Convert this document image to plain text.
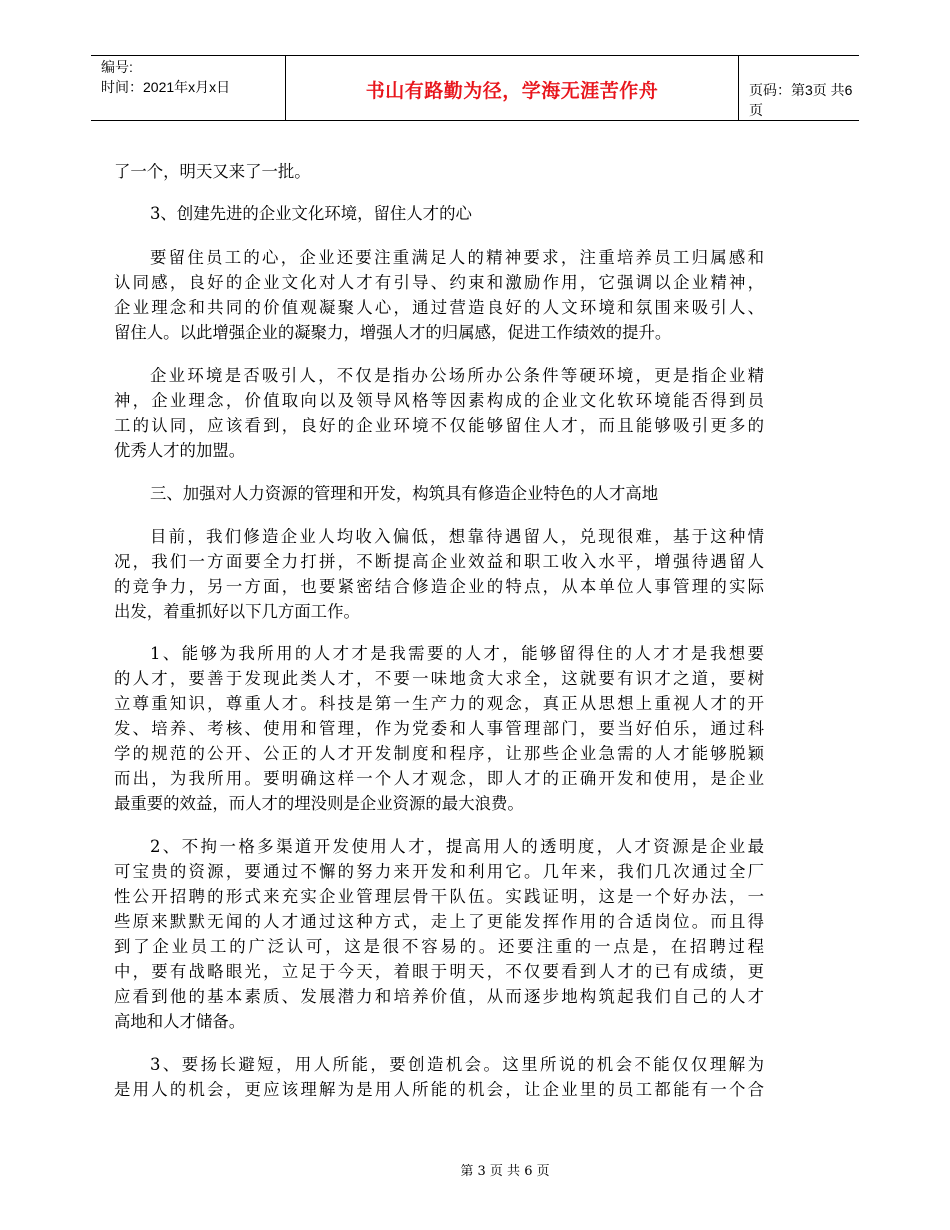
编号:
时间：2021年x月x日	书山有路勤为径，学海无涯苦作舟	页码：第3页 共6页
了一个，明天又来了一批。
3、创建先进的企业文化环境，留住人才的心
要留住员工的心，企业还要注重满足人的精神要求，注重培养员工归属感和
认同感，良好的企业文化对人才有引导、约束和激励作用，它强调以企业精神，
企业理念和共同的价值观凝聚人心，通过营造良好的人文环境和氛围来吸引人、
留住人。以此增强企业的凝聚力，增强人才的归属感，促进工作绩效的提升。
企业环境是否吸引人，不仅是指办公场所办公条件等硬环境，更是指企业精
神，企业理念，价值取向以及领导风格等因素构成的企业文化软环境能否得到员
工的认同，应该看到，良好的企业环境不仅能够留住人才，而且能够吸引更多的
优秀人才的加盟。
三、加强对人力资源的管理和开发，构筑具有修造企业特色的人才高地
目前，我们修造企业人均收入偏低，想靠待遇留人，兑现很难，基于这种情
况，我们一方面要全力打拼，不断提高企业效益和职工收入水平，增强待遇留人
的竞争力，另一方面，也要紧密结合修造企业的特点，从本单位人事管理的实际
出发，着重抓好以下几方面工作。
1、能够为我所用的人才才是我需要的人才，能够留得住的人才才是我想要
的人才，要善于发现此类人才，不要一味地贪大求全，这就要有识才之道，要树
立尊重知识，尊重人才。科技是第一生产力的观念，真正从思想上重视人才的开
发、培养、考核、使用和管理，作为党委和人事管理部门，要当好伯乐，通过科
学的规范的公开、公正的人才开发制度和程序，让那些企业急需的人才能够脱颖
而出，为我所用。要明确这样一个人才观念，即人才的正确开发和使用，是企业
最重要的效益，而人才的埋没则是企业资源的最大浪费。
2、不拘一格多渠道开发使用人才，提高用人的透明度，人才资源是企业最
可宝贵的资源，要通过不懈的努力来开发和利用它。几年来，我们几次通过全厂
性公开招聘的形式来充实企业管理层骨干队伍。实践证明，这是一个好办法，一
些原来默默无闻的人才通过这种方式，走上了更能发挥作用的合适岗位。而且得
到了企业员工的广泛认可，这是很不容易的。还要注重的一点是，在招聘过程
中，要有战略眼光，立足于今天，着眼于明天，不仅要看到人才的已有成绩，更
应看到他的基本素质、发展潜力和培养价值，从而逐步地构筑起我们自己的人才
高地和人才储备。
3、要扬长避短，用人所能，要创造机会。这里所说的机会不能仅仅理解为
是用人的机会，更应该理解为是用人所能的机会，让企业里的员工都能有一个合
第 3 页 共 6 页
